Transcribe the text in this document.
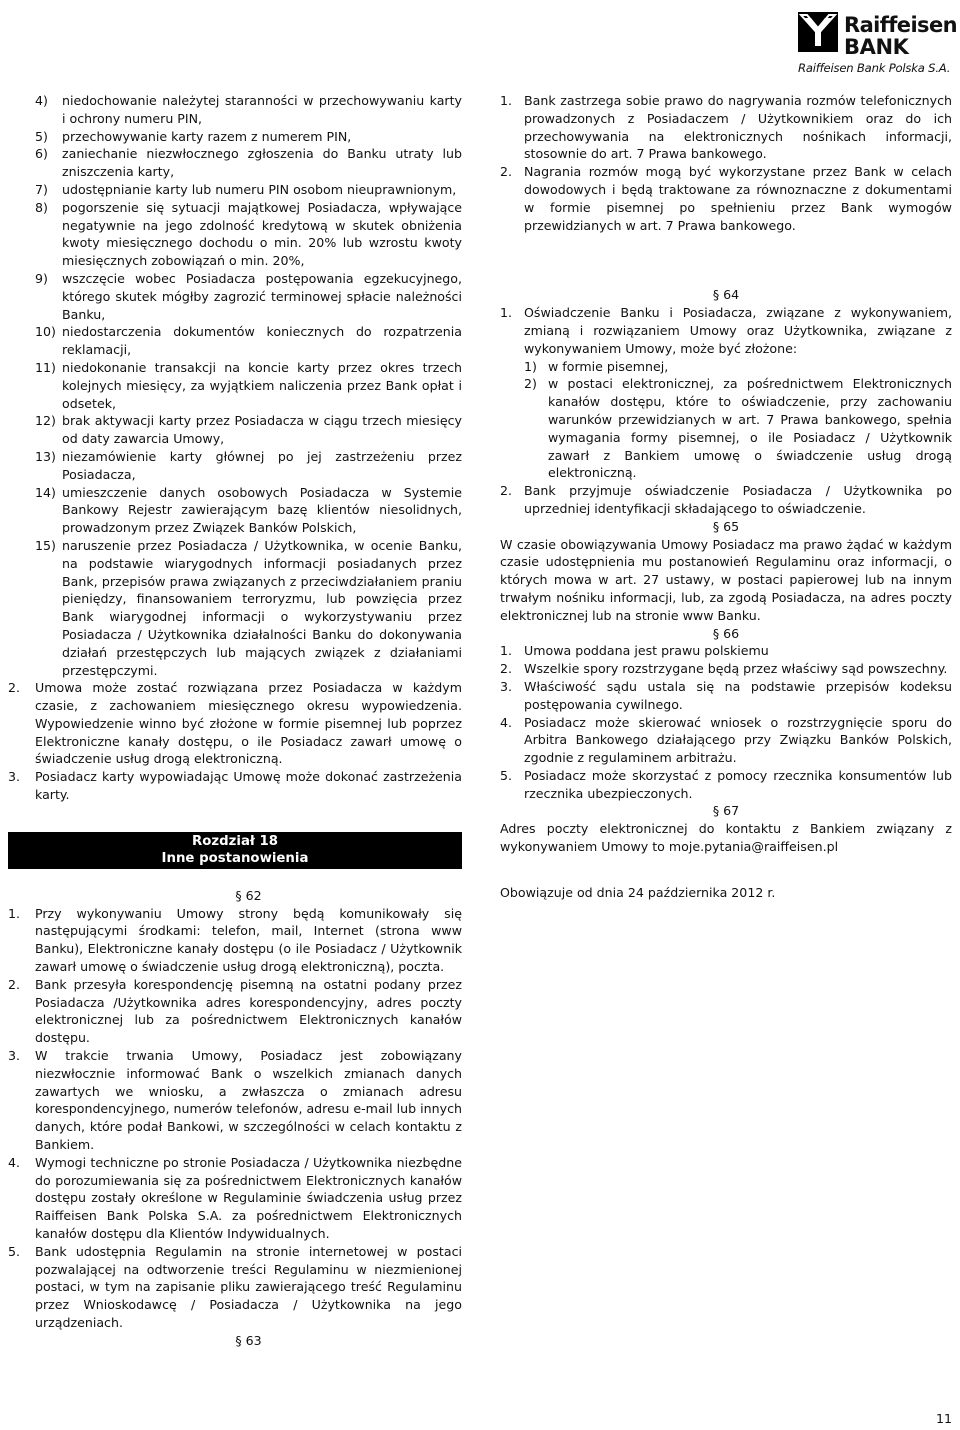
Raiffeisen
BANK
Raiffeisen Bank Polska S.A.
4)	niedochowanie należytej staranności w przechowywaniu karty i ochrony numeru PIN,
5)	przechowywanie karty razem z numerem PIN,
6)	zaniechanie niezwłocznego zgłoszenia do Banku utraty lub zniszczenia karty,
7)	udostępnianie karty lub numeru PIN osobom nieuprawnionym,
8)	pogorszenie się sytuacji majątkowej Posiadacza, wpływające negatywnie na jego zdolność kredytową w skutek obniżenia kwoty miesięcznego dochodu o min. 20% lub wzrostu kwoty miesięcznych zobowiązań o min. 20%,
9)	wszczęcie wobec Posiadacza postępowania egzekucyjnego, którego skutek mógłby zagrozić terminowej spłacie należności Banku,
10) niedostarczenia dokumentów koniecznych do rozpatrzenia reklamacji,
11) niedokonanie transakcji na koncie karty przez okres trzech kolejnych miesięcy, za wyjątkiem naliczenia przez Bank opłat i odsetek,
12) brak aktywacji karty przez Posiadacza w ciągu trzech miesięcy od daty zawarcia Umowy,
13) niezamówienie karty głównej po jej zastrzeżeniu przez Posiadacza,
14) umieszczenie danych osobowych Posiadacza w Systemie Bankowy Rejestr zawierającym bazę klientów niesolidnych, prowadzonym przez Związek Banków Polskich,
15) naruszenie przez Posiadacza / Użytkownika, w ocenie Banku, na podstawie wiarygodnych informacji posiadanych przez Bank, przepisów prawa związanych z przeciwdziałaniem praniu pieniędzy, finansowaniem terroryzmu, lub powzięcia przez Bank wiarygodnej informacji o wykorzystywaniu przez Posiadacza / Użytkownika działalności Banku do dokonywania działań przestępczych lub mających związek z działaniami przestępczymi.
2.	Umowa może zostać rozwiązana przez Posiadacza w każdym czasie, z zachowaniem miesięcznego okresu wypowiedzenia. Wypowiedzenie winno być złożone w formie pisemnej lub poprzez Elektroniczne kanały dostępu, o ile Posiadacz zawarł umowę o świadczenie usług drogą elektroniczną.
3.	Posiadacz karty wypowiadając Umowę może dokonać zastrzeżenia karty.
Rozdział 18
Inne postanowienia
§ 62
1.	Przy wykonywaniu Umowy strony będą komunikowały się następującymi środkami: telefon, mail, Internet (strona www Banku), Elektroniczne kanały dostępu (o ile Posiadacz / Użytkownik zawarł umowę o świadczenie usług drogą elektroniczną), poczta.
2.	Bank przesyła korespondencję pisemną na ostatni podany przez Posiadacza /Użytkownika adres korespondencyjny, adres poczty elektronicznej lub za pośrednictwem Elektronicznych kanałów dostępu.
3.	W trakcie trwania Umowy, Posiadacz jest zobowiązany niezwłocznie informować Bank o wszelkich zmianach danych zawartych we wniosku, a zwłaszcza o zmianach adresu korespondencyjnego, numerów telefonów, adresu e-mail lub innych danych, które podał Bankowi, w szczególności w celach kontaktu z Bankiem.
4.	Wymogi techniczne po stronie Posiadacza / Użytkownika niezbędne do porozumiewania się za pośrednictwem Elektronicznych kanałów dostępu zostały określone w Regulaminie świadczenia usług przez Raiffeisen Bank Polska S.A. za pośrednictwem Elektronicznych kanałów dostępu dla Klientów Indywidualnych.
5.	Bank udostępnia Regulamin na stronie internetowej w postaci pozwalającej na odtworzenie treści Regulaminu w niezmienionej postaci, w tym na zapisanie pliku zawierającego treść Regulaminu przez Wnioskodawcę / Posiadacza / Użytkownika na jego urządzeniach.
§ 63
1. Bank zastrzega sobie prawo do nagrywania rozmów telefonicznych prowadzonych z Posiadaczem / Użytkownikiem oraz do ich przechowywania na elektronicznych nośnikach informacji, stosownie do art. 7 Prawa bankowego.
2. Nagrania rozmów mogą być wykorzystane przez Bank w celach dowodowych i będą traktowane za równoznaczne z dokumentami w formie pisemnej po spełnieniu przez Bank wymogów przewidzianych w art. 7 Prawa bankowego.
§ 64
1. Oświadczenie Banku i Posiadacza, związane z wykonywaniem, zmianą i rozwiązaniem Umowy oraz Użytkownika, związane z wykonywaniem Umowy, może być złożone:
1) w formie pisemnej,
2) w postaci elektronicznej, za pośrednictwem Elektronicznych kanałów dostępu, które to oświadczenie, przy zachowaniu warunków przewidzianych w art. 7 Prawa bankowego, spełnia wymagania formy pisemnej, o ile Posiadacz / Użytkownik zawarł z Bankiem umowę o świadczenie usług drogą elektroniczną.
2. Bank przyjmuje oświadczenie Posiadacza / Użytkownika po uprzedniej identyfikacji składającego to oświadczenie.
§ 65

W czasie obowiązywania Umowy Posiadacz ma prawo żądać w każdym czasie udostępnienia mu postanowień Regulaminu oraz informacji, o których mowa w art. 27 ustawy, w postaci papierowej lub na innym trwałym nośniku informacji, lub, za zgodą Posiadacza, na adres poczty elektronicznej lub na stronie www Banku.

§ 66
1. Umowa poddana jest prawu polskiemu
2. Wszelkie spory rozstrzygane będą przez właściwy sąd powszechny.
3. Właściwość sądu ustala się na podstawie przepisów kodeksu postępowania cywilnego.
4. Posiadacz może skierować wniosek o rozstrzygnięcie sporu do Arbitra Bankowego działającego przy Związku Banków Polskich, zgodnie z regulaminem arbitrażu.
5. Posiadacz może skorzystać z pomocy rzecznika konsumentów lub rzecznika ubezpieczonych.
§ 67

Adres poczty elektronicznej do kontaktu z Bankiem związany z wykonywaniem Umowy to moje.pytania@raiffeisen.pl

Obowiązuje od dnia 24 października 2012 r.

11
